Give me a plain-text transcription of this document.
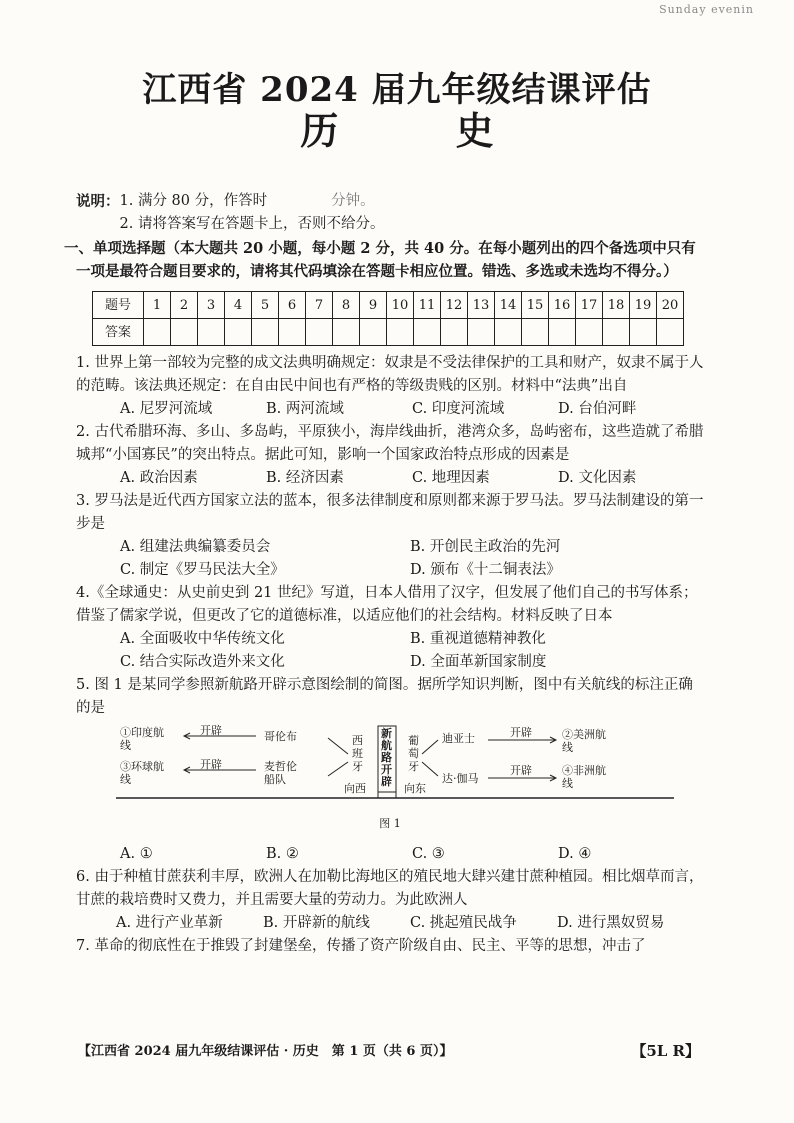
Sunday evenin
江西省 2024 届九年级结课评估
历 史
说明： 1. 满分 80 分，作答时	分钟。
2. 请将答案写在答题卡上，否则不给分。
一、单项选择题（本大题共 20 小题，每小题 2 分，共 40 分。在每小题列出的四个备选项中只有一项是最符合题目要求的，请将其代码填涂在答题卡相应位置。错选、多选或未选均不得分。）
题号	1	2	3	4	5	6	7	8	9	10	11	12	13	14	15	16	17	18	19	20
答案																				
1. 世界上第一部较为完整的成文法典明确规定：奴隶是不受法律保护的工具和财产，奴隶不属于人的范畴。该法典还规定：在自由民中间也有严格的等级贵贱的区别。材料中“法典”出自
A. 尼罗河流域	B. 两河流域	C. 印度河流域	D. 台伯河畔
2. 古代希腊环海、多山、多岛屿，平原狭小，海岸线曲折，港湾众多，岛屿密布，这些造就了希腊城邦“小国寡民”的突出特点。据此可知，影响一个国家政治特点形成的因素是
A. 政治因素	B. 经济因素	C. 地理因素	D. 文化因素
3. 罗马法是近代西方国家立法的蓝本，很多法律制度和原则都来源于罗马法。罗马法制建设的第一步是
A. 组建法典编纂委员会	B. 开创民主政治的先河
C. 制定《罗马民法大全》	D. 颁布《十二铜表法》
4.《全球通史：从史前史到 21 世纪》写道，日本人借用了汉字，但发展了他们自己的书写体系；借鉴了儒家学说，但更改了它的道德标准，以适应他们的社会结构。材料反映了日本
A. 全面吸收中华传统文化	B. 重视道德精神教化
C. 结合实际改造外来文化	D. 全面革新国家制度
5. 图 1 是某同学参照新航路开辟示意图绘制的简图。据所学知识判断，图中有关航线的标注正确的是
①印度航线
开辟	哥伦布	西班牙
③环球航线
开辟	麦哲伦船队
向西
新航路开辟
向东
葡萄牙
迪亚士	开辟	②美洲航线
达·伽马
开辟	④非洲航线
图 1
A. ①	B. ②	C. ③	D. ④
6. 由于种植甘蔗获利丰厚，欧洲人在加勒比海地区的殖民地大肆兴建甘蔗种植园。相比烟草而言，甘蔗的栽培费时又费力，并且需要大量的劳动力。为此欧洲人
A. 进行产业革新	B. 开辟新的航线	C. 挑起殖民战争	D. 进行黑奴贸易
7. 革命的彻底性在于推毁了封建堡垒，传播了资产阶级自由、民主、平等的思想，冲击了
【江西省 2024 届九年级结课评估 · 历史　第 1 页（共 6 页）】	【5L R】
